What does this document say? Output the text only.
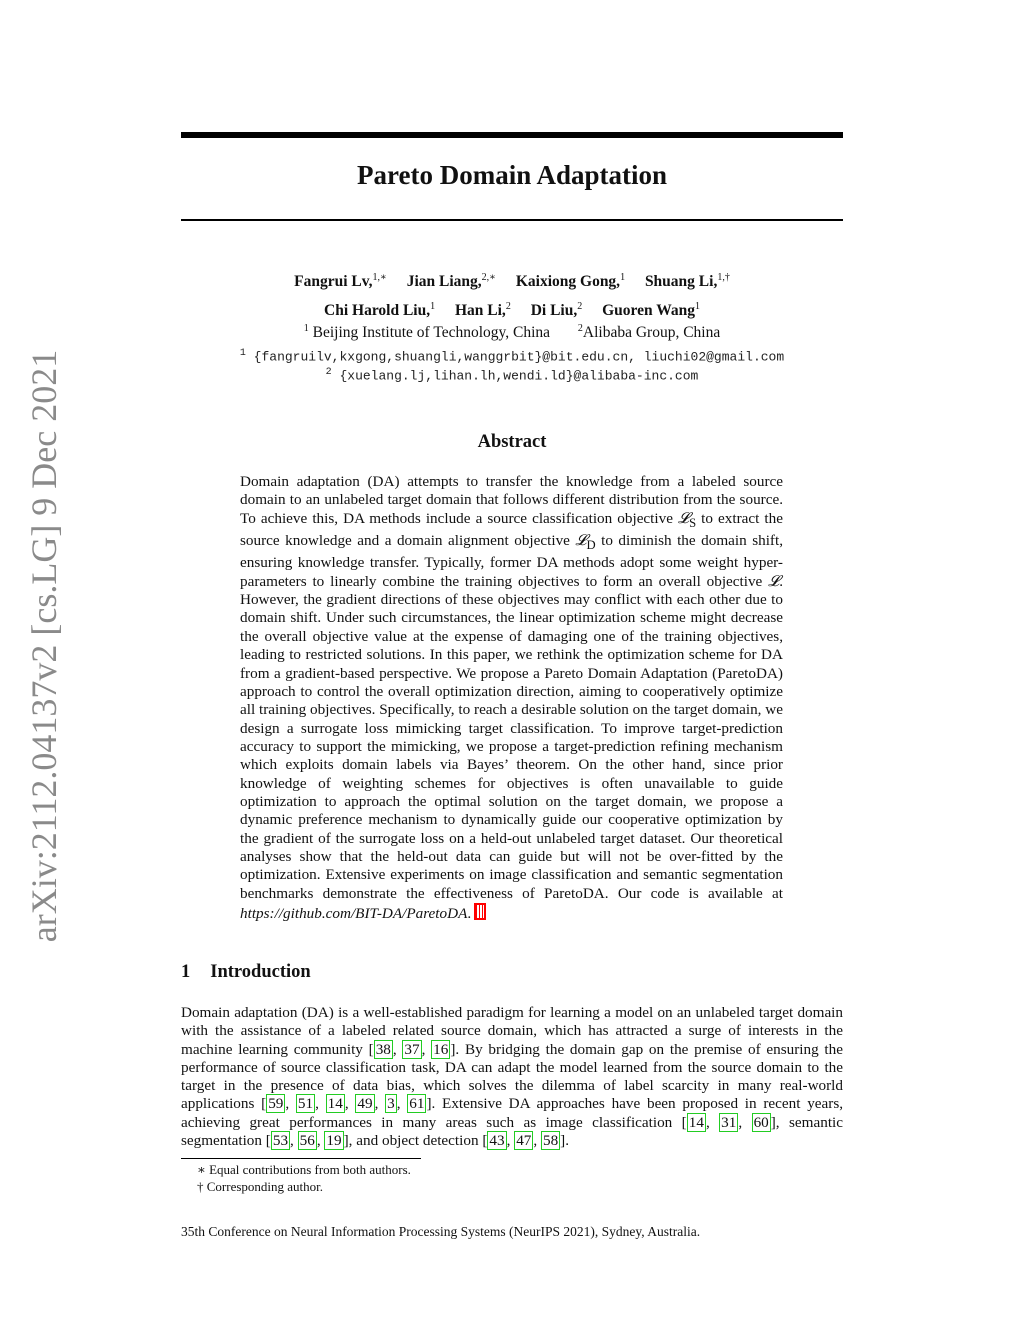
arXiv:2112.04137v2 [cs.LG] 9 Dec 2021
Pareto Domain Adaptation
Fangrui Lv,$^{1,∗}$ Jian Liang,$^{2,∗}$ Kaixiong Gong,$^1$ Shuang Li,$^{1,\dagger}$
Chi Harold Liu,$^1$ Han Li,$^2$ Di Liu,$^2$ Guoren Wang$^1$
$^1$ Beijing Institute of Technology, China	$^2$Alibaba Group, China
$^1$ {fangruilv,kxgong,shuangli,wanggrbit}@bit.edu.cn, liuchi02@gmail.com
$^2$ {xuelang.lj,lihan.lh,wendi.ld}@alibaba-inc.com
Abstract
Domain adaptation (DA) attempts to transfer the knowledge from a labeled source domain to an unlabeled target domain that follows different distribution from the source. To achieve this, DA methods include a source classification objective 𝓛$_S$ to extract the source knowledge and a domain alignment objective 𝓛$_D$ to diminish the domain shift, ensuring knowledge transfer. Typically, former DA methods adopt some weight hyper-parameters to linearly combine the training objectives to form an overall objective 𝓛. However, the gradient directions of these objectives may conflict with each other due to domain shift. Under such circumstances, the linear optimization scheme might decrease the overall objective value at the expense of damaging one of the training objectives, leading to restricted solutions. In this paper, we rethink the optimization scheme for DA from a gradient-based perspective. We propose a Pareto Domain Adaptation (ParetoDA) approach to control the overall optimization direction, aiming to cooperatively optimize all training objectives. Specifically, to reach a desirable solution on the target domain, we design a surrogate loss mimicking target classification. To improve target-prediction accuracy to support the mimicking, we propose a target-prediction refining mechanism which exploits domain labels via Bayes’ theorem. On the other hand, since prior knowledge of weighting schemes for objectives is often unavailable to guide optimization to approach the optimal solution on the target domain, we propose a dynamic preference mechanism to dynamically guide our cooperative optimization by the gradient of the surrogate loss on a held-out unlabeled target dataset. Our theoretical analyses show that the held-out data can guide but will not be over-fitted by the optimization. Extensive experiments on image classification and semantic segmentation benchmarks demonstrate the effectiveness of ParetoDA. Our code is available at https://github.com/BIT-DA/ParetoDA.
1 Introduction
Domain adaptation (DA) is a well-established paradigm for learning a model on an unlabeled target domain with the assistance of a labeled related source domain, which has attracted a surge of interests in the machine learning community [ 38 , 37 , 16 ]. By bridging the domain gap on the premise of ensuring the performance of source classification task, DA can adapt the model learned from the source domain to the target in the presence of data bias, which solves the dilemma of label scarcity in many real-world applications [ 59 , 51 , 14 , 49 , 3 , 61 ]. Extensive DA approaches have been proposed in recent years, achieving great performances in many areas such as image classification [ 14 , 31 , 60 ], semantic segmentation [ 53 , 56 , 19 ], and object detection [ 43 , 47 , 58 ].
∗ Equal contributions from both authors.
† Corresponding author.
35th Conference on Neural Information Processing Systems (NeurIPS 2021), Sydney, Australia.
